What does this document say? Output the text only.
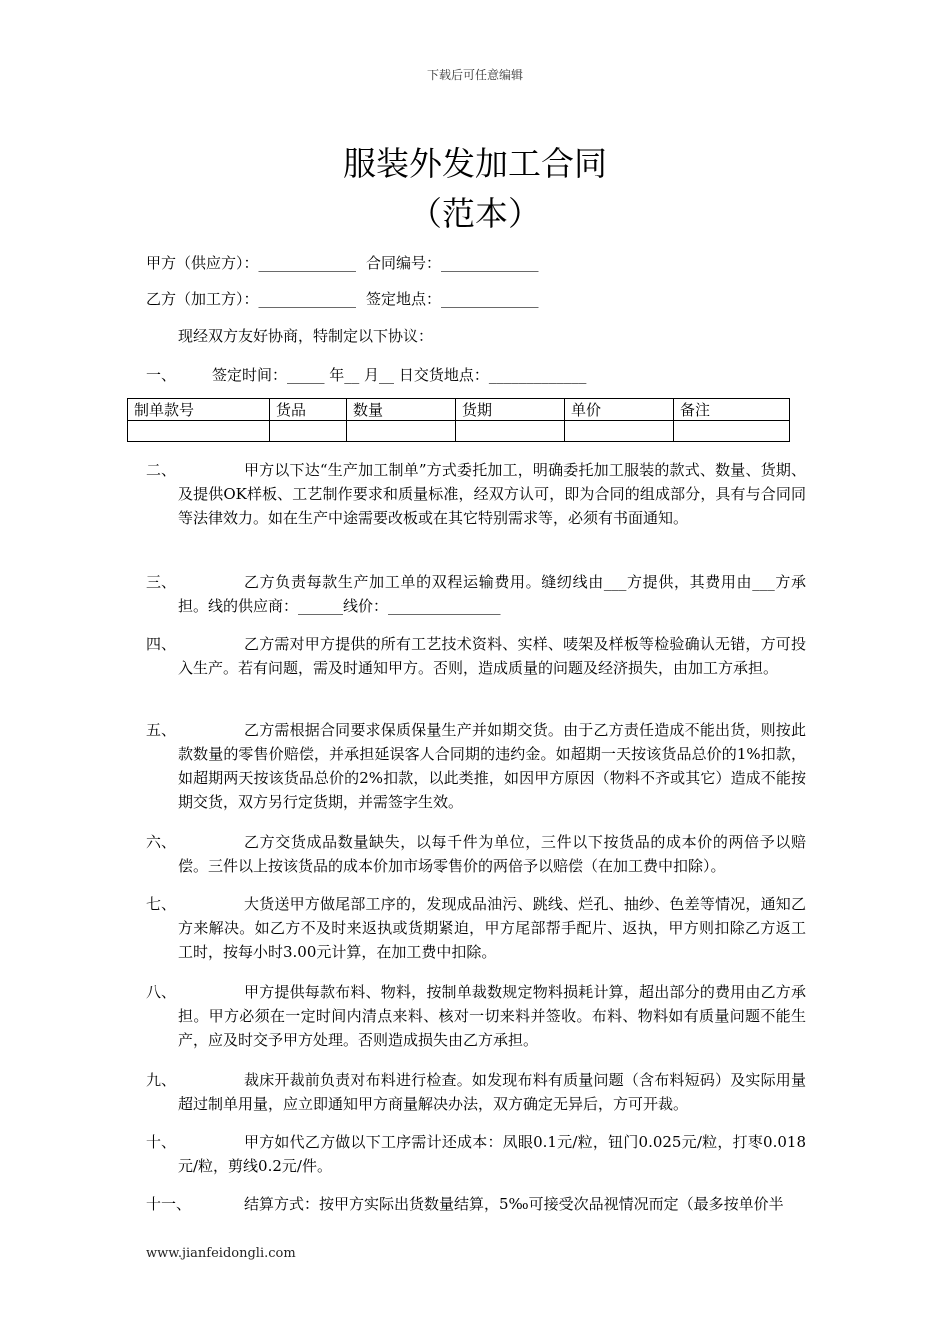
下载后可任意编辑
服装外发加工合同
（范本）
甲方（供应方）：_____________ 合同编号：_____________
乙方（加工方）：_____________ 签定地点：_____________
现经双方友好协商，特制定以下协议：
一、 签定时间：_____ 年__ 月__ 日交货地点：_____________
制单款号	货品	数量	货期	单价	备注

二、	甲方以下达“生产加工制单”方式委托加工，明确委托加工服装的款式、数量、货期、及提供OK样板、工艺制作要求和质量标准，经双方认可，即为合同的组成部分，具有与合同同等法律效力。如在生产中途需要改板或在其它特别需求等，必须有书面通知。

三、	乙方负责每款生产加工单的双程运输费用。缝纫线由___方提供，其费用由___方承担。线的供应商：______线价：_______________

四、	乙方需对甲方提供的所有工艺技术资料、实样、唛架及样板等检验确认无错，方可投入生产。若有问题，需及时通知甲方。否则，造成质量的问题及经济损失，由加工方承担。

五、	乙方需根据合同要求保质保量生产并如期交货。由于乙方责任造成不能出货，则按此款数量的零售价赔偿，并承担延误客人合同期的违约金。如超期一天按该货品总价的1%扣款，如超期两天按该货品总价的2%扣款，以此类推，如因甲方原因（物料不齐或其它）造成不能按期交货，双方另行定货期，并需签字生效。

六、	乙方交货成品数量缺失，以每千件为单位，三件以下按货品的成本价的两倍予以赔偿。三件以上按该货品的成本价加市场零售价的两倍予以赔偿（在加工费中扣除）。

七、	大货送甲方做尾部工序的，发现成品油污、跳线、烂孔、抽纱、色差等情况，通知乙方来解决。如乙方不及时来返执或货期紧迫，甲方尾部帮手配片、返执，甲方则扣除乙方返工工时，按每小时3.00元计算，在加工费中扣除。

八、	甲方提供每款布料、物料，按制单裁数规定物料损耗计算，超出部分的费用由乙方承担。甲方必须在一定时间内清点来料、核对一切来料并签收。布料、物料如有质量问题不能生产，应及时交予甲方处理。否则造成损失由乙方承担。

九、	裁床开裁前负责对布料进行检查。如发现布料有质量问题（含布料短码）及实际用量超过制单用量，应立即通知甲方商量解决办法，双方确定无异后，方可开裁。

十、	甲方如代乙方做以下工序需计还成本：凤眼0.1元/粒，钮门0.025元/粒，打枣0.018元/粒，剪线0.2元/件。

十一、	结算方式：按甲方实际出货数量结算，5‰可接受次品视情况而定（最多按单价半

www.jianfeidongli.com
